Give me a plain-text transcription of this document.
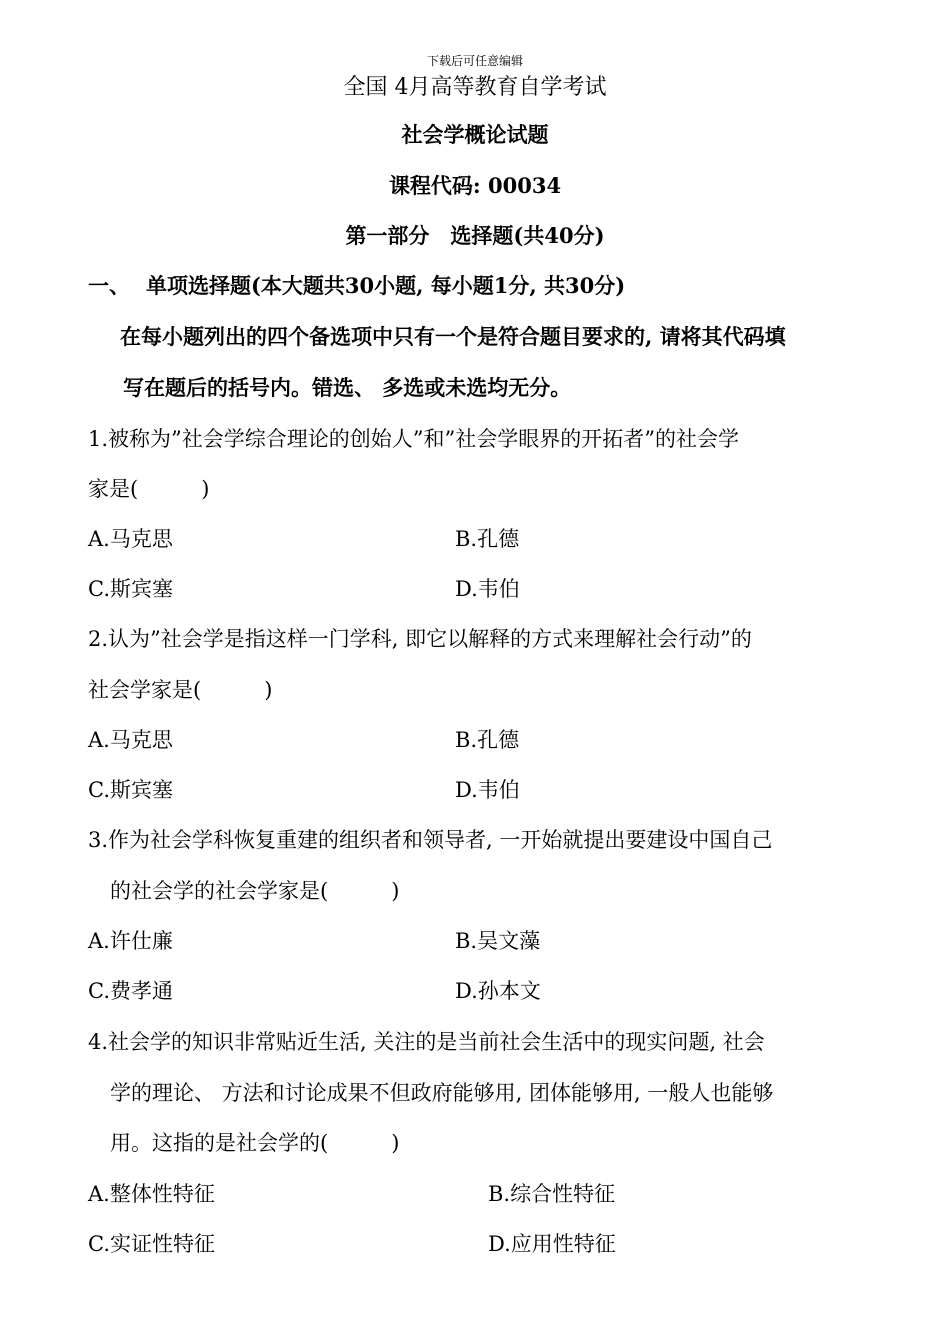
下载后可任意编辑
全国 4月高等教育自学考试
社会学概论试题
课程代码: 00034
第一部分　选择题(共40分)
一、 单项选择题(本大题共30小题, 每小题1分, 共30分)
在每小题列出的四个备选项中只有一个是符合题目要求的, 请将其代码填
写在题后的括号内。错选、 多选或未选均无分。
1.被称为”社会学综合理论的创始人”和”社会学眼界的开拓者”的社会学
家是(　　　)
A.马克思	B.孔德
C.斯宾塞	D.韦伯
2.认为”社会学是指这样一门学科, 即它以解释的方式来理解社会行动”的
社会学家是(　　　)
A.马克思	B.孔德
C.斯宾塞	D.韦伯
3.作为社会学科恢复重建的组织者和领导者, 一开始就提出要建设中国自己
的社会学的社会学家是(　　　)
A.许仕廉	B.吴文藻
C.费孝通	D.孙本文
4.社会学的知识非常贴近生活, 关注的是当前社会生活中的现实问题, 社会
学的理论、 方法和讨论成果不但政府能够用, 团体能够用, 一般人也能够
用。这指的是社会学的(　　　)
A.整体性特征	B.综合性特征
C.实证性特征	D.应用性特征
